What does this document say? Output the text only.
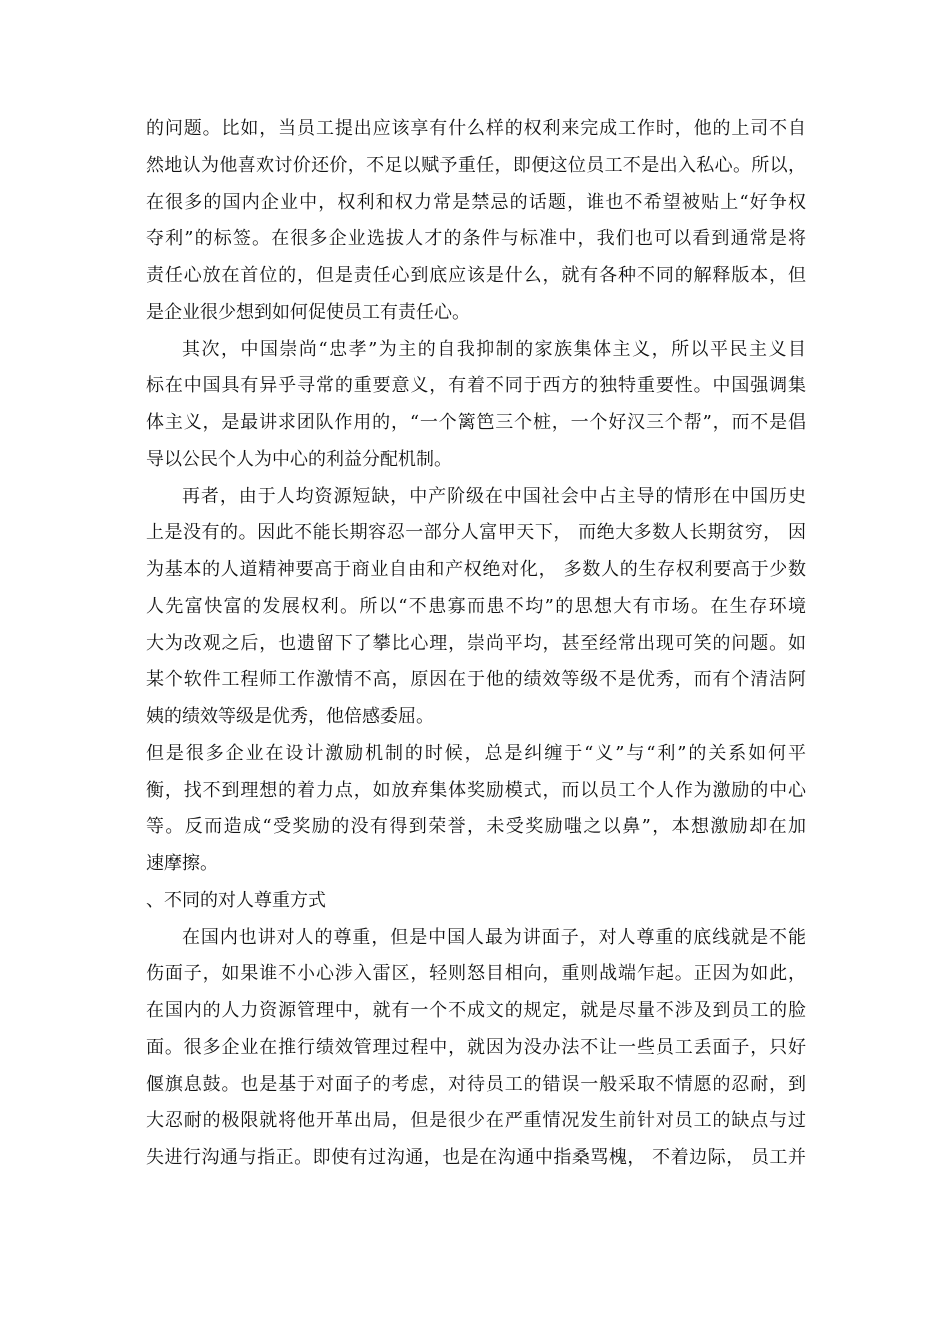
的问题。比如，当员工提出应该享有什么样的权利来完成工作时，他的上司不自
然地认为他喜欢讨价还价，不足以赋予重任，即便这位员工不是出入私心。所以，
在很多的国内企业中，权利和权力常是禁忌的话题，谁也不希望被贴上“好争权
夺利”的标签。在很多企业选拔人才的条件与标准中，我们也可以看到通常是将
责任心放在首位的，但是责任心到底应该是什么，就有各种不同的解释版本，但
是企业很少想到如何促使员工有责任心。
其次，中国崇尚“忠孝”为主的自我抑制的家族集体主义，所以平民主义目
标在中国具有异乎寻常的重要意义，有着不同于西方的独特重要性。中国强调集
体主义，是最讲求团队作用的，“一个篱笆三个桩，一个好汉三个帮”，而不是倡
导以公民个人为中心的利益分配机制。
再者，由于人均资源短缺，中产阶级在中国社会中占主导的情形在中国历史
上是没有的。因此不能长期容忍一部分人富甲天下， 而绝大多数人长期贫穷， 因
为基本的人道精神要高于商业自由和产权绝对化， 多数人的生存权利要高于少数
人先富快富的发展权利。所以“不患寡而患不均”的思想大有市场。在生存环境
大为改观之后，也遗留下了攀比心理，崇尚平均，甚至经常出现可笑的问题。如
某个软件工程师工作激情不高，原因在于他的绩效等级不是优秀，而有个清洁阿
姨的绩效等级是优秀，他倍感委屈。
但是很多企业在设计激励机制的时候，总是纠缠于“义”与“利”的关系如何平
衡，找不到理想的着力点，如放弃集体奖励模式，而以员工个人作为激励的中心
等。反而造成“受奖励的没有得到荣誉，未受奖励嗤之以鼻”，本想激励却在加
速摩擦。
、不同的对人尊重方式
在国内也讲对人的尊重，但是中国人最为讲面子，对人尊重的底线就是不能
伤面子，如果谁不小心涉入雷区，轻则怒目相向，重则战端乍起。正因为如此，
在国内的人力资源管理中，就有一个不成文的规定，就是尽量不涉及到员工的脸
面。很多企业在推行绩效管理过程中，就因为没办法不让一些员工丢面子，只好
偃旗息鼓。也是基于对面子的考虑，对待员工的错误一般采取不情愿的忍耐，到
大忍耐的极限就将他开革出局，但是很少在严重情况发生前针对员工的缺点与过
失进行沟通与指正。即使有过沟通，也是在沟通中指桑骂槐， 不着边际， 员工并
